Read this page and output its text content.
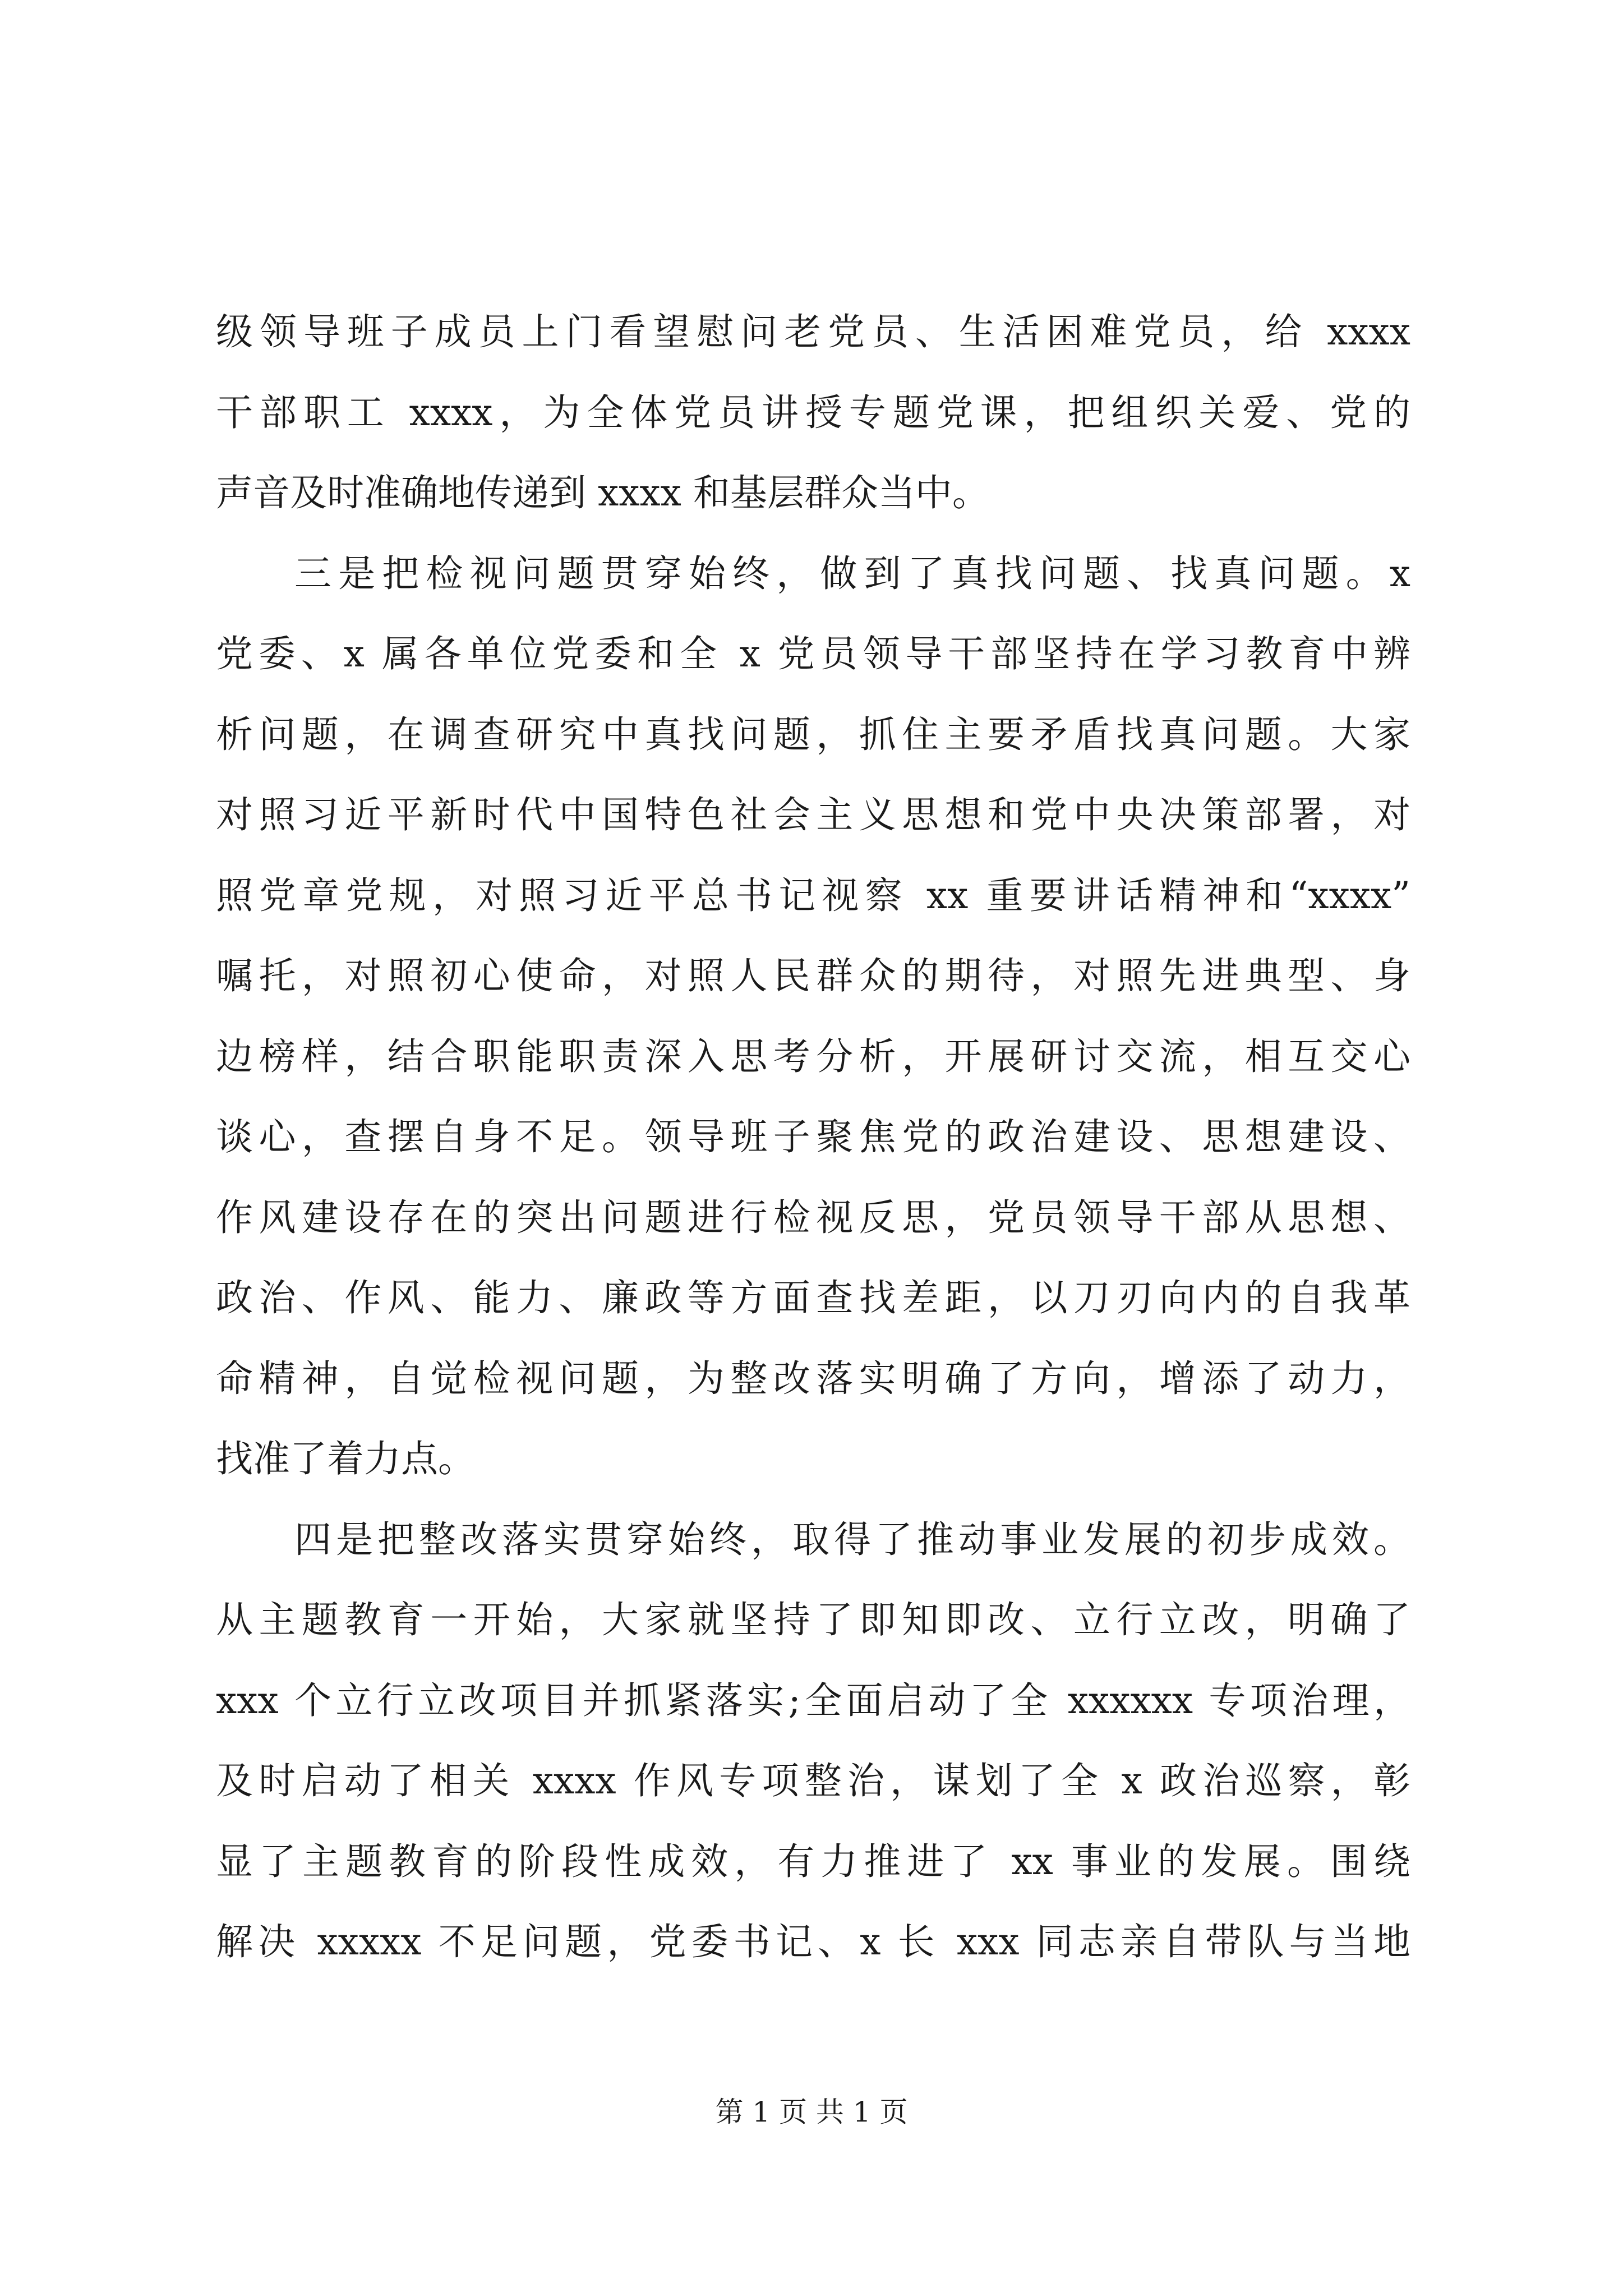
级领导班子成员上门看望慰问老党员、生活困难党员，给 xxxx
干部职工 xxxx，为全体党员讲授专题党课，把组织关爱、党的
声音及时准确地传递到 xxxx 和基层群众当中。
三是把检视问题贯穿始终，做到了真找问题、找真问题。x
党委、x 属各单位党委和全 x 党员领导干部坚持在学习教育中辨
析问题，在调查研究中真找问题，抓住主要矛盾找真问题。大家
对照习近平新时代中国特色社会主义思想和党中央决策部署，对
照党章党规，对照习近平总书记视察 xx 重要讲话精神和“xxxx”
嘱托，对照初心使命，对照人民群众的期待，对照先进典型、身
边榜样，结合职能职责深入思考分析，开展研讨交流，相互交心
谈心，查摆自身不足。领导班子聚焦党的政治建设、思想建设、
作风建设存在的突出问题进行检视反思，党员领导干部从思想、
政治、作风、能力、廉政等方面查找差距，以刀刃向内的自我革
命精神，自觉检视问题，为整改落实明确了方向，增添了动力，
找准了着力点。
四是把整改落实贯穿始终，取得了推动事业发展的初步成效。
从主题教育一开始，大家就坚持了即知即改、立行立改，明确了
xxx 个立行立改项目并抓紧落实;全面启动了全 xxxxxx 专项治理，
及时启动了相关 xxxx 作风专项整治，谋划了全 x 政治巡察，彰
显了主题教育的阶段性成效，有力推进了 xx 事业的发展。围绕
解决 xxxxx 不足问题，党委书记、x 长 xxx 同志亲自带队与当地
第 1 页 共 1 页
